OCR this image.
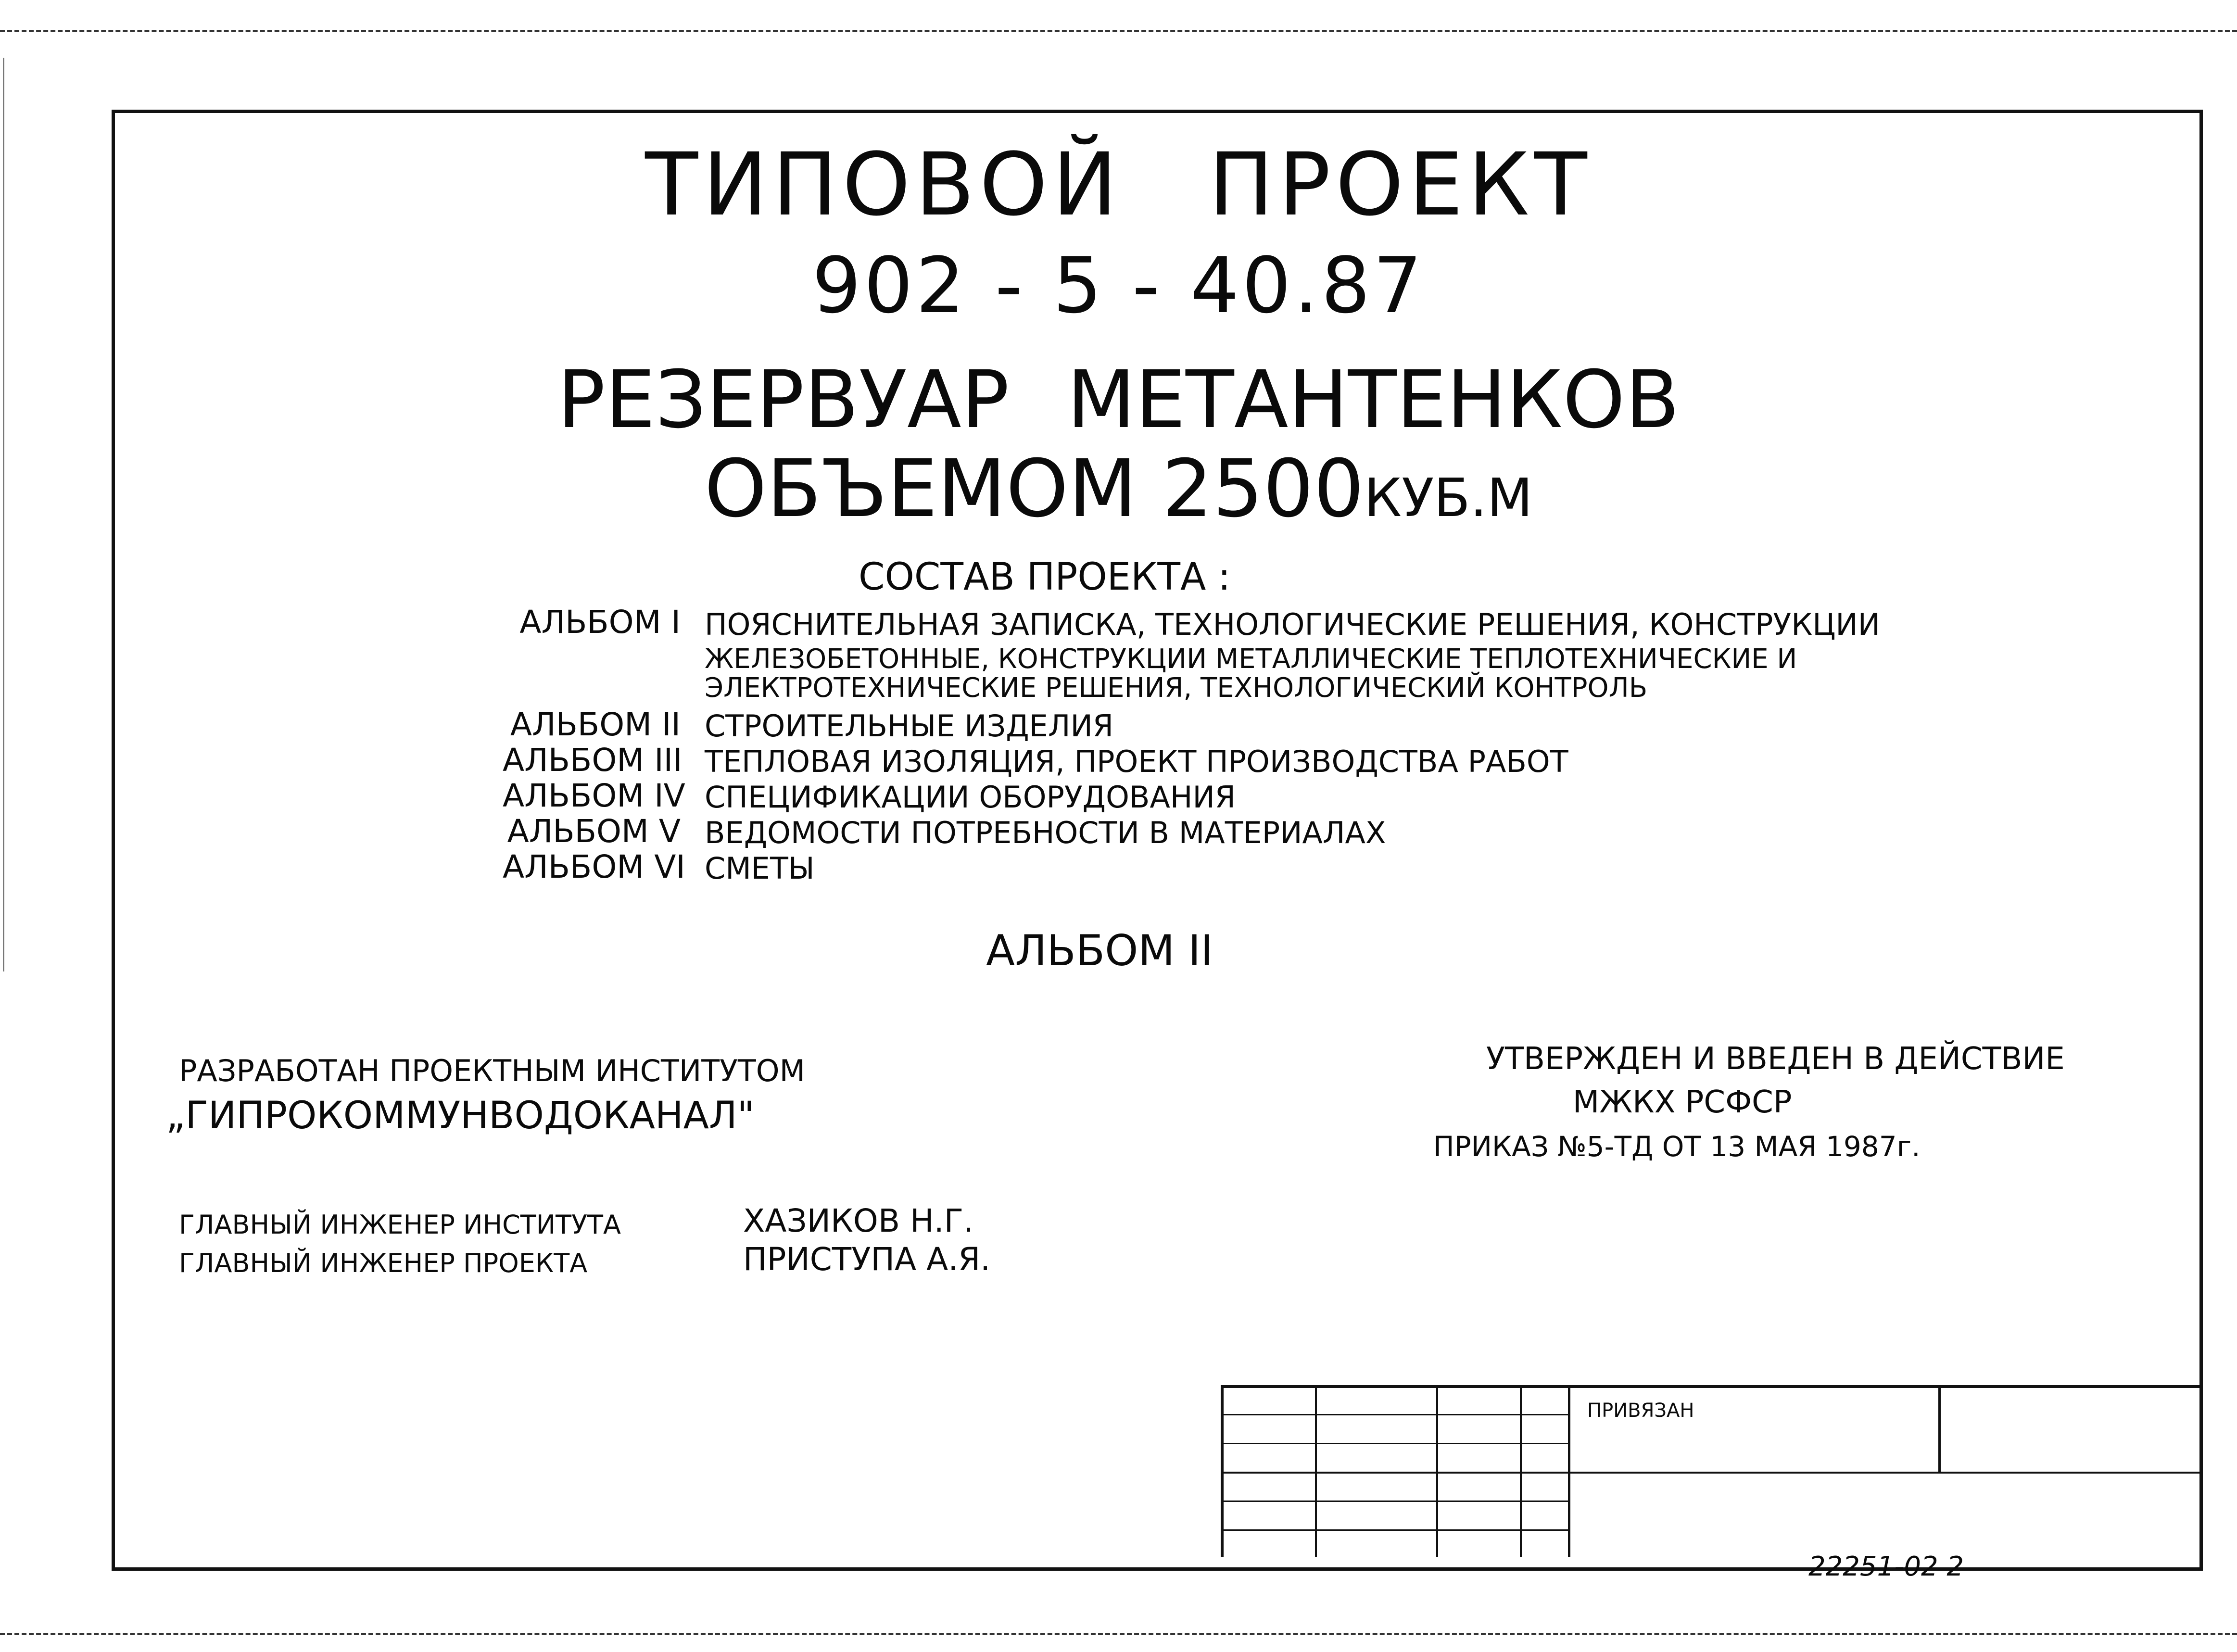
ТИПОВОЙ ПРОЕКТ
902 - 5 - 40.87
РЕЗЕРВУАР МЕТАНТЕНКОВ
ОБЪЕМОМ 2500КУБ.М
СОСТАВ ПРОЕКТА :
АЛЬБОМ I ПОЯСНИТЕЛЬНАЯ ЗАПИСКА, ТЕХНОЛОГИЧЕСКИЕ РЕШЕНИЯ, КОНСТРУКЦИИ
ЖЕЛЕЗОБЕТОННЫЕ, КОНСТРУКЦИИ МЕТАЛЛИЧЕСКИЕ ТЕПЛОТЕХНИЧЕСКИЕ И
ЭЛЕКТРОТЕХНИЧЕСКИЕ РЕШЕНИЯ, ТЕХНОЛОГИЧЕСКИЙ КОНТРОЛЬ
АЛЬБОМ II СТРОИТЕЛЬНЫЕ ИЗДЕЛИЯ
АЛЬБОМ III ТЕПЛОВАЯ ИЗОЛЯЦИЯ, ПРОЕКТ ПРОИЗВОДСТВА РАБОТ
АЛЬБОМ IV СПЕЦИФИКАЦИИ ОБОРУДОВАНИЯ
АЛЬБОМ V ВЕДОМОСТИ ПОТРЕБНОСТИ В МАТЕРИАЛАХ
АЛЬБОМ VI СМЕТЫ
АЛЬБОМ II
РАЗРАБОТАН ПРОЕКТНЫМ ИНСТИТУТОМ
„ГИПРОКОММУНВОДОКАНАЛ"
УТВЕРЖДЕН И ВВЕДЕН В ДЕЙСТВИЕ
МЖКХ РСФСР
ПРИКАЗ №5-ТД ОТ 13 МАЯ 1987г.
ГЛАВНЫЙ ИНЖЕНЕР ИНСТИТУТА	ХАЗИКОВ Н.Г.
ГЛАВНЫЙ ИНЖЕНЕР ПРОЕКТА	ПРИСТУПА А.Я.
ПРИВЯЗАН
22251-02 2
